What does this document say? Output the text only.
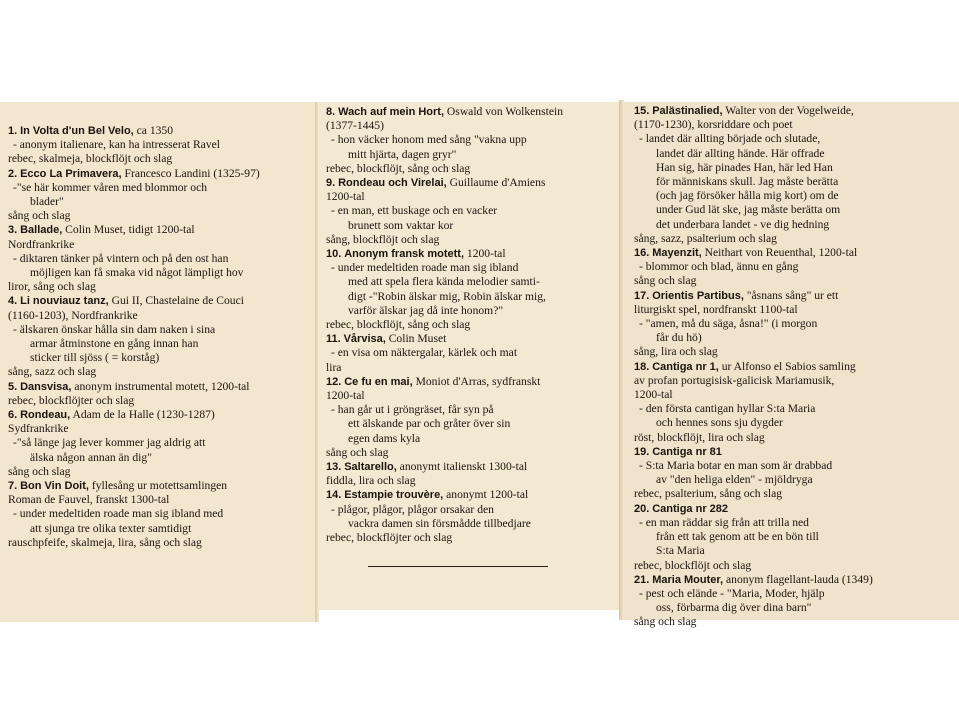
1. In Volta d'un Bel Velo, ca 1350
- anonym italienare, kan ha intresserat Ravel
rebec, skalmeja, blockflöjt och slag
2. Ecco La Primavera, Francesco Landini (1325-97)
-"se här kommer våren med blommor och
blader"
sång och slag
3. Ballade, Colin Muset, tidigt 1200-tal
Nordfrankrike
- diktaren tänker på vintern och på den ost han
möjligen kan få smaka vid något lämpligt hov
liror, sång och slag
4. Li nouviauz tanz, Gui II, Chastelaine de Couci
(1160-1203), Nordfrankrike
- älskaren önskar hålla sin dam naken i sina
armar åtminstone en gång innan han
sticker till sjöss ( = korståg)
sång, sazz och slag
5. Dansvisa, anonym instrumental motett, 1200-tal
rebec, blockflöjter och slag
6. Rondeau, Adam de la Halle (1230-1287)
Sydfrankrike
-"så länge jag lever kommer jag aldrig att
älska någon annan än dig"
sång och slag
7. Bon Vin Doit, fyllesång ur motettsamlingen
Roman de Fauvel, franskt 1300-tal
- under medeltiden roade man sig ibland med
att sjunga tre olika texter samtidigt
rauschpfeife, skalmeja, lira, sång och slag
8. Wach auf mein Hort, Oswald von Wolkenstein
(1377-1445)
- hon väcker honom med sång "vakna upp
mitt hjärta, dagen gryr"
rebec, blockflöjt, sång och slag
9. Rondeau och Virelai, Guillaume d'Amiens
1200-tal
- en man, ett buskage och en vacker
brunett som vaktar kor
sång, blockflöjt och slag
10. Anonym fransk motett, 1200-tal
- under medeltiden roade man sig ibland
med att spela flera kända melodier samti-
digt -"Robin älskar mig, Robin älskar mig,
varför älskar jag då inte honom?"
rebec, blockflöjt, sång och slag
11. Vårvisa, Colin Muset
- en visa om näktergalar, kärlek och mat
lira
12. Ce fu en mai, Moniot d'Arras, sydfranskt
1200-tal
- han går ut i gröngräset, får syn på
ett älskande par och gråter över sin
egen dams kyla
sång och slag
13. Saltarello, anonymt italienskt 1300-tal
fiddla, lira och slag
14. Estampie trouvère, anonymt 1200-tal
- plågor, plågor, plågor orsakar den
vackra damen sin försmådde tillbedjare
rebec, blockflöjter och slag
15. Palästinalied, Walter von der Vogelweide,
(1170-1230), korsriddare och poet
- landet där allting började och slutade,
landet där allting hände. Här offrade
Han sig, här pinades Han, här led Han
för människans skull. Jag måste berätta
(och jag försöker hålla mig kort) om de
under Gud lät ske, jag måste berätta om
det underbara landet - ve dig hedning
sång, sazz, psalterium och slag
16. Mayenzit, Neithart von Reuenthal, 1200-tal
- blommor och blad, ännu en gång
sång och slag
17. Orientis Partibus, "åsnans sång" ur ett
liturgiskt spel, nordfranskt 1100-tal
- "amen, må du säga, åsna!" (i morgon
får du hö)
sång, lira och slag
18. Cantiga nr 1, ur Alfonso el Sabios samling
av profan portugisisk-galicisk Mariamusik,
1200-tal
- den första cantigan hyllar S:ta Maria
och hennes sons sju dygder
röst, blockflöjt, lira och slag
19. Cantiga nr 81
- S:ta Maria botar en man som är drabbad
av "den heliga elden" - mjöldryga
rebec, psalterium, sång och slag
20. Cantiga nr 282
- en man räddar sig från att trilla ned
från ett tak genom att be en bön till
S:ta Maria
rebec, blockflöjt och slag
21. Maria Mouter, anonym flagellant-lauda (1349)
- pest och elände - "Maria, Moder, hjälp
oss, förbarma dig över dina barn"
sång och slag
